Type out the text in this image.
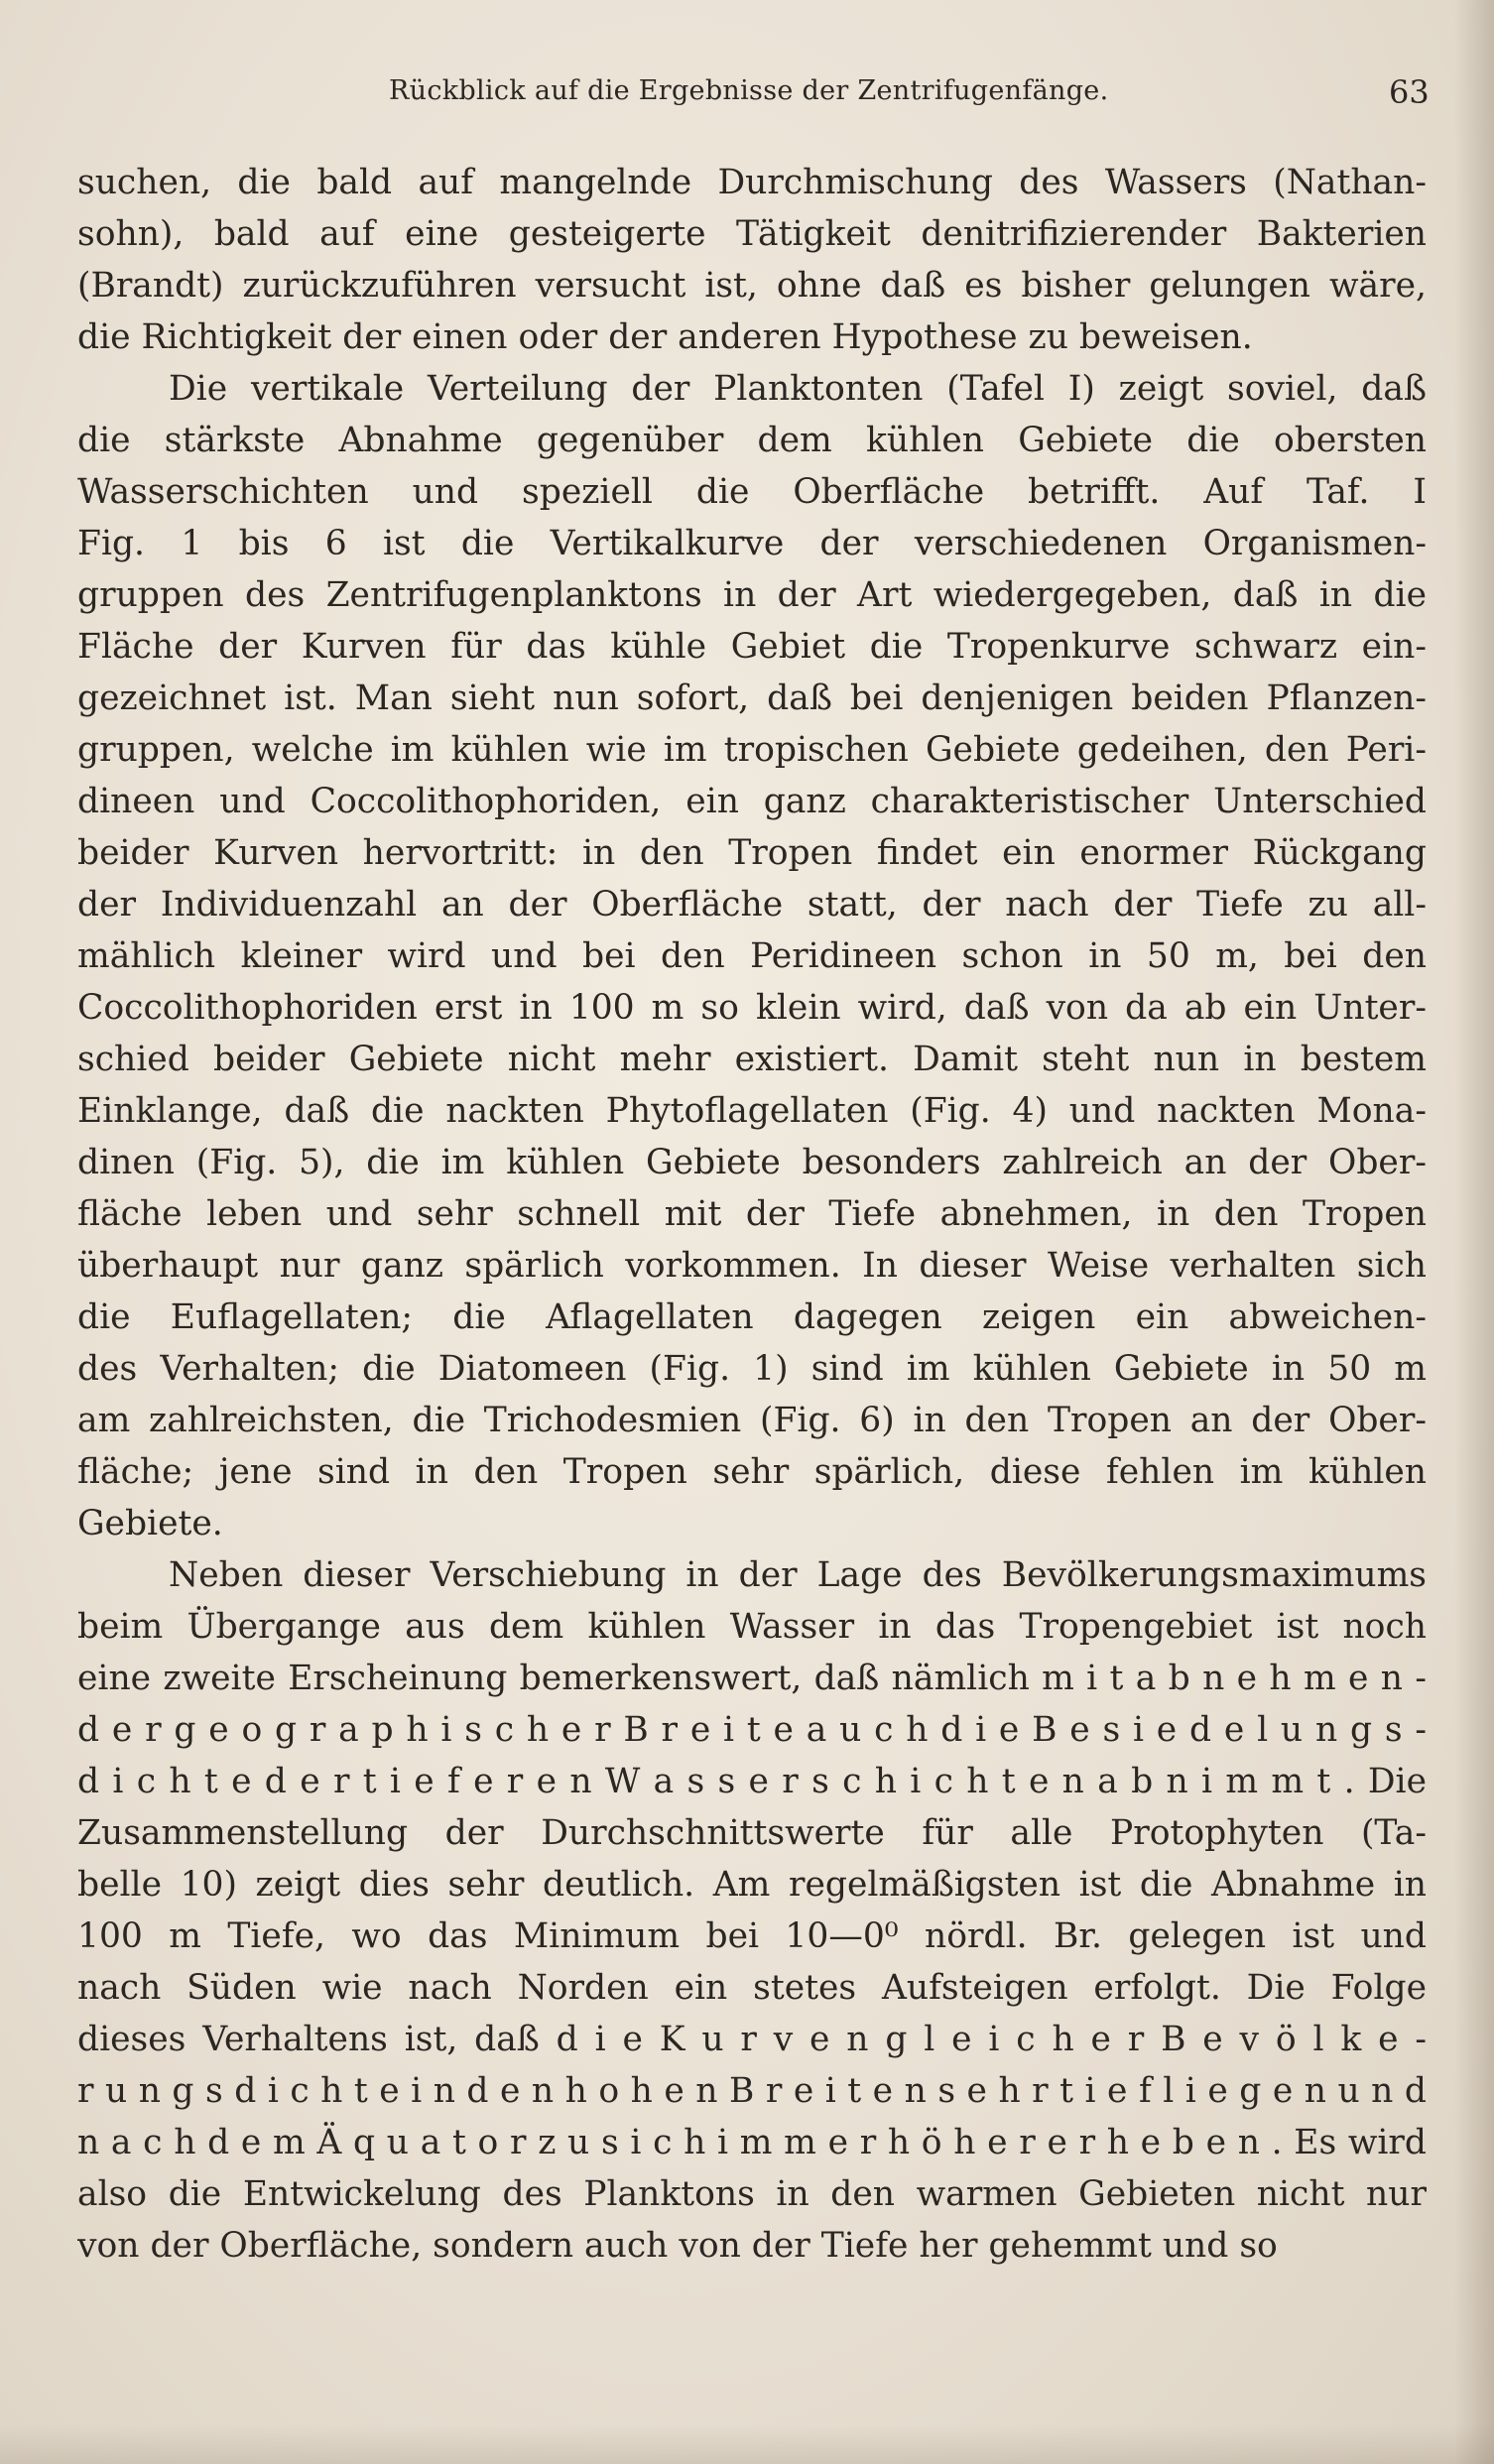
Rückblick auf die Ergebnisse der Zentrifugenfänge.	63
suchen, die bald auf mangelnde Durchmischung des Wassers (Nathan-
sohn), bald auf eine gesteigerte Tätigkeit denitrifizierender Bakterien
(Brandt) zurückzuführen versucht ist, ohne daß es bisher gelungen wäre,
die Richtigkeit der einen oder der anderen Hypothese zu beweisen.
Die vertikale Verteilung der Planktonten (Tafel I) zeigt soviel, daß
die stärkste Abnahme gegenüber dem kühlen Gebiete die obersten
Wasserschichten und speziell die Oberfläche betrifft. Auf Taf. I
Fig. 1 bis 6 ist die Vertikalkurve der verschiedenen Organismen-
gruppen des Zentrifugenplanktons in der Art wiedergegeben, daß in die
Fläche der Kurven für das kühle Gebiet die Tropenkurve schwarz ein-
gezeichnet ist. Man sieht nun sofort, daß bei denjenigen beiden Pflanzen-
gruppen, welche im kühlen wie im tropischen Gebiete gedeihen, den Peri-
dineen und Coccolithophoriden, ein ganz charakteristischer Unterschied
beider Kurven hervortritt: in den Tropen findet ein enormer Rückgang
der Individuenzahl an der Oberfläche statt, der nach der Tiefe zu all-
mählich kleiner wird und bei den Peridineen schon in 50 m, bei den
Coccolithophoriden erst in 100 m so klein wird, daß von da ab ein Unter-
schied beider Gebiete nicht mehr existiert. Damit steht nun in bestem
Einklange, daß die nackten Phytoflagellaten (Fig. 4) und nackten Mona-
dinen (Fig. 5), die im kühlen Gebiete besonders zahlreich an der Ober-
fläche leben und sehr schnell mit der Tiefe abnehmen, in den Tropen
überhaupt nur ganz spärlich vorkommen. In dieser Weise verhalten sich
die Euflagellaten; die Aflagellaten dagegen zeigen ein abweichen-
des Verhalten; die Diatomeen (Fig. 1) sind im kühlen Gebiete in 50 m
am zahlreichsten, die Trichodesmien (Fig. 6) in den Tropen an der Ober-
fläche; jene sind in den Tropen sehr spärlich, diese fehlen im kühlen
Gebiete.
Neben dieser Verschiebung in der Lage des Bevölkerungsmaximums
beim Übergange aus dem kühlen Wasser in das Tropengebiet ist noch
eine zweite Erscheinung bemerkenswert, daß nämlich m i t a b n e h m e n -
d e r g e o g r a p h i s c h e r B r e i t e a u c h d i e B e s i e d e l u n g s -
d i c h t e d e r t i e f e r e n W a s s e r s c h i c h t e n a b n i m m t . Die
Zusammenstellung der Durchschnittswerte für alle Protophyten (Ta-
belle 10) zeigt dies sehr deutlich. Am regelmäßigsten ist die Abnahme in
100 m Tiefe, wo das Minimum bei 10—0⁰ nördl. Br. gelegen ist und
nach Süden wie nach Norden ein stetes Aufsteigen erfolgt. Die Folge
dieses Verhaltens ist, daß d i e K u r v e n g l e i c h e r B e v ö l k e -
r u n g s d i c h t e i n d e n h o h e n B r e i t e n s e h r t i e f l i e g e n u n d
n a c h d e m Ä q u a t o r z u s i c h i m m e r h ö h e r e r h e b e n . Es wird
also die Entwickelung des Planktons in den warmen Gebieten nicht nur
von der Oberfläche, sondern auch von der Tiefe her gehemmt und so
